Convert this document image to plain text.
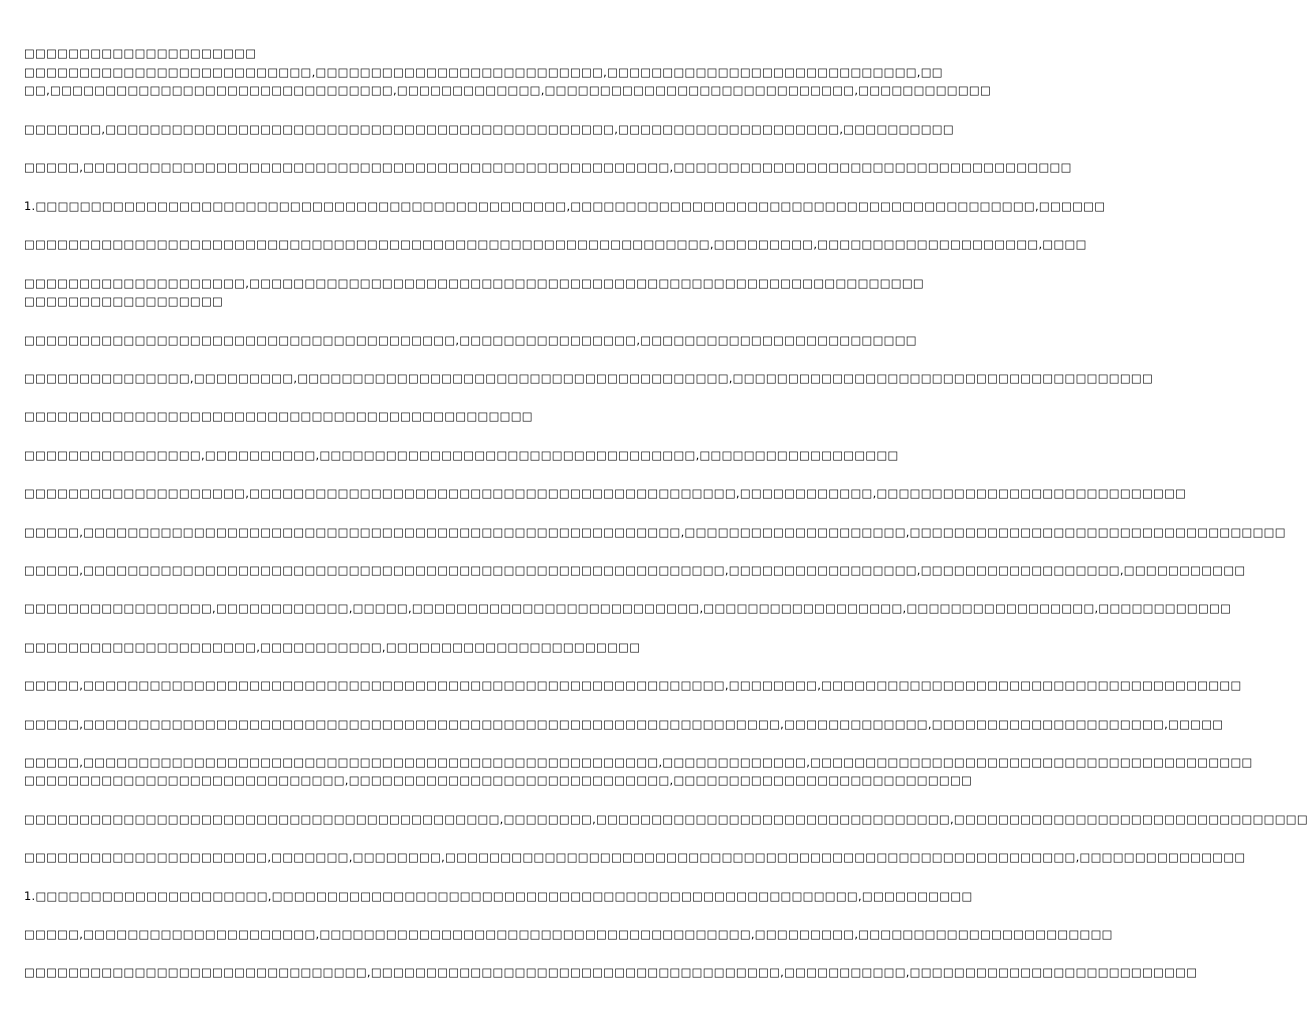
□□□□□□□□□□□□□□□□□□□□□
□□□□□□□□□□□□□□□□□□□□□□□□□□,□□□□□□□□□□□□□□□□□□□□□□□□□□,□□□□□□□□□□□□□□□□□□□□□□□□□□□□,□□
□□,□□□□□□□□□□□□□□□□□□□□□□□□□□□□□□□,□□□□□□□□□□□□□,□□□□□□□□□□□□□□□□□□□□□□□□□□□□,□□□□□□□□□□□□
□□□□□□□,□□□□□□□□□□□□□□□□□□□□□□□□□□□□□□□□□□□□□□□□□□□□□□,□□□□□□□□□□□□□□□□□□□□,□□□□□□□□□□
□□□□□,□□□□□□□□□□□□□□□□□□□□□□□□□□□□□□□□□□□□□□□□□□□□□□□□□□□□□,□□□□□□□□□□□□□□□□□□□□□□□□□□□□□□□□□□□□
1.□□□□□□□□□□□□□□□□□□□□□□□□□□□□□□□□□□□□□□□□□□□□□□□□,□□□□□□□□□□□□□□□□□□□□□□□□□□□□□□□□□□□□□□□□□□,□□□□□□
□□□□□□□□□□□□□□□□□□□□□□□□□□□□□□□□□□□□□□□□□□□□□□□□□□□□□□□□□□□□□□,□□□□□□□□□,□□□□□□□□□□□□□□□□□□□□,□□□□
□□□□□□□□□□□□□□□□□□□□,□□□□□□□□□□□□□□□□□□□□□□□□□□□□□□□□□□□□□□□□□□□□□□□□□□□□□□□□□□□□□
□□□□□□□□□□□□□□□□□□
□□□□□□□□□□□□□□□□□□□□□□□□□□□□□□□□□□□□□□□,□□□□□□□□□□□□□□□□,□□□□□□□□□□□□□□□□□□□□□□□□□
□□□□□□□□□□□□□□□,□□□□□□□□□,□□□□□□□□□□□□□□□□□□□□□□□□□□□□□□□□□□□□□□□,□□□□□□□□□□□□□□□□□□□□□□□□□□□□□□□□□□□□□□
□□□□□□□□□□□□□□□□□□□□□□□□□□□□□□□□□□□□□□□□□□□□□□
□□□□□□□□□□□□□□□□,□□□□□□□□□□,□□□□□□□□□□□□□□□□□□□□□□□□□□□□□□□□□□,□□□□□□□□□□□□□□□□□□
□□□□□□□□□□□□□□□□□□□□,□□□□□□□□□□□□□□□□□□□□□□□□□□□□□□□□□□□□□□□□□□□□,□□□□□□□□□□□□,□□□□□□□□□□□□□□□□□□□□□□□□□□□□
□□□□□,□□□□□□□□□□□□□□□□□□□□□□□□□□□□□□□□□□□□□□□□□□□□□□□□□□□□□□,□□□□□□□□□□□□□□□□□□□□,□□□□□□□□□□□□□□□□□□□□□□□□□□□□□□□□□□
□□□□□,□□□□□□□□□□□□□□□□□□□□□□□□□□□□□□□□□□□□□□□□□□□□□□□□□□□□□□□□□□,□□□□□□□□□□□□□□□□□,□□□□□□□□□□□□□□□□□□,□□□□□□□□□□□
□□□□□□□□□□□□□□□□□,□□□□□□□□□□□□,□□□□□,□□□□□□□□□□□□□□□□□□□□□□□□□□,□□□□□□□□□□□□□□□□□□,□□□□□□□□□□□□□□□□□,□□□□□□□□□□□□
□□□□□□□□□□□□□□□□□□□□□,□□□□□□□□□□□,□□□□□□□□□□□□□□□□□□□□□□□
□□□□□,□□□□□□□□□□□□□□□□□□□□□□□□□□□□□□□□□□□□□□□□□□□□□□□□□□□□□□□□□□,□□□□□□□□,□□□□□□□□□□□□□□□□□□□□□□□□□□□□□□□□□□□□□□
□□□□□,□□□□□□□□□□□□□□□□□□□□□□□□□□□□□□□□□□□□□□□□□□□□□□□□□□□□□□□□□□□□□□□,□□□□□□□□□□□□□,□□□□□□□□□□□□□□□□□□□□□,□□□□□
□□□□□,□□□□□□□□□□□□□□□□□□□□□□□□□□□□□□□□□□□□□□□□□□□□□□□□□□□□,□□□□□□□□□□□□□,□□□□□□□□□□□□□□□□□□□□□□□□□□□□□□□□□□□□□□□□
□□□□□□□□□□□□□□□□□□□□□□□□□□□□□,□□□□□□□□□□□□□□□□□□□□□□□□□□□□□,□□□□□□□□□□□□□□□□□□□□□□□□□□□
□□□□□□□□□□□□□□□□□□□□□□□□□□□□□□□□□□□□□□□□□□□,□□□□□□□□,□□□□□□□□□□□□□□□□□□□□□□□□□□□□□□□□,□□□□□□□□□□□□□□□□□□□□□□□□□□□□□□□□
□□□□□□□□□□□□□□□□□□□□□□,□□□□□□□,□□□□□□□□,□□□□□□□□□□□□□□□□□□□□□□□□□□□□□□□□□□□□□□□□□□□□□□□□□□□□□□□□□,□□□□□□□□□□□□□□□
1.□□□□□□□□□□□□□□□□□□□□□,□□□□□□□□□□□□□□□□□□□□□□□□□□□□□□□□□□□□□□□□□□□□□□□□□□□□□,□□□□□□□□□□
□□□□□,□□□□□□□□□□□□□□□□□□□□□,□□□□□□□□□□□□□□□□□□□□□□□□□□□□□□□□□□□□□□□,□□□□□□□□□,□□□□□□□□□□□□□□□□□□□□□□□
□□□□□□□□□□□□□□□□□□□□□□□□□□□□□□□,□□□□□□□□□□□□□□□□□□□□□□□□□□□□□□□□□□□□□,□□□□□□□□□□□,□□□□□□□□□□□□□□□□□□□□□□□□□□
